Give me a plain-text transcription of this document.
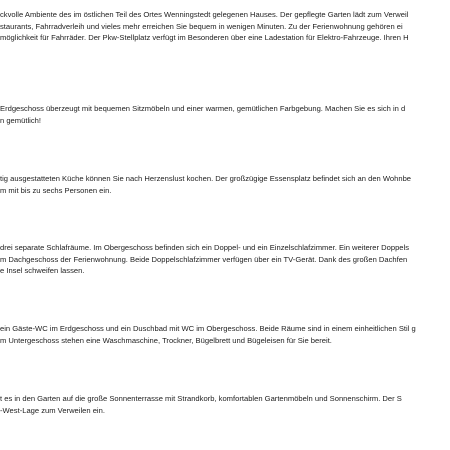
ckvolle Ambiente des im östlichen Teil des Ortes Wenningstedt gelegenen Hauses. Der gepflegte Garten lädt zum Verweil
staurants, Fahrradverleih und vieles mehr erreichen Sie bequem in wenigen Minuten. Zu der Ferienwohnung gehören ei
möglichkeit für Fahrräder. Der Pkw-Stellplatz verfügt im Besonderen über eine Ladestation für Elektro-Fahrzeuge. Ihren H
Erdgeschoss überzeugt mit bequemen Sitzmöbeln und einer warmen, gemütlichen Farbgebung. Machen Sie es sich in d
n gemütlich!
tig ausgestatteten Küche können Sie nach Herzenslust kochen. Der großzügige Essensplatz befindet sich an den Wohnbe
m mit bis zu sechs Personen ein.
drei separate Schlafräume. Im Obergeschoss befinden sich ein Doppel- und ein Einzelschlafzimmer. Ein weiterer Doppels
m Dachgeschoss der Ferienwohnung. Beide Doppelschlafzimmer verfügen über ein TV-Gerät. Dank des großen Dachfen
e Insel schweifen lassen.
ein Gäste-WC im Erdgeschoss und ein Duschbad mit WC im Obergeschoss. Beide Räume sind in einem einheitlichen Stil g
m Untergeschoss stehen eine Waschmaschine, Trockner, Bügelbrett und Bügeleisen für Sie bereit.
t es in den Garten auf die große Sonnenterrasse mit Strandkorb, komfortablen Gartenmöbeln und Sonnenschirm. Der S
-West-Lage zum Verweilen ein.
